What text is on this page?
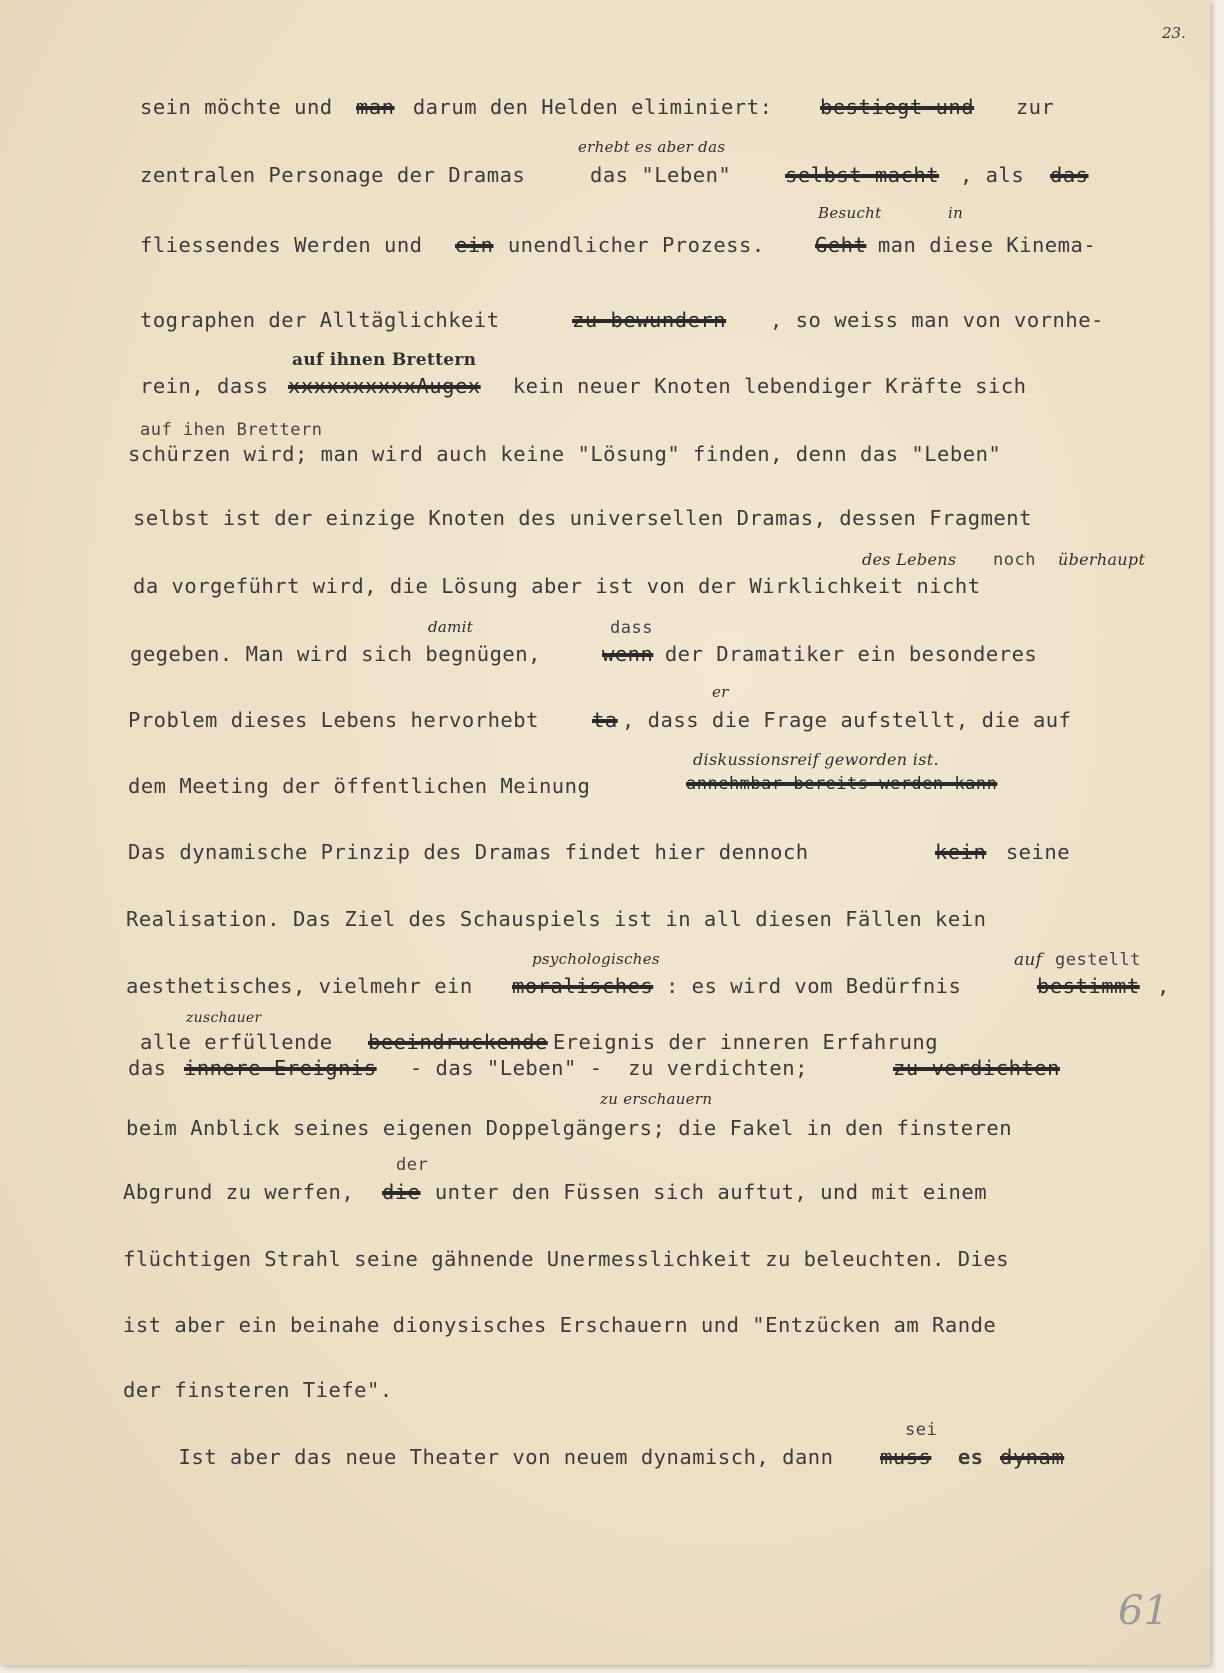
23.

sein möchte und

man

darum den Helden eliminiert:

bestiegt und

zur

erhebt es aber das

zentralen Personage der Dramas

	das "Leben"

selbst macht

, als

das

Besucht

	in

fliessendes Werden und

ein

unendlicher Prozess.

Geht

man diese Kinema-

tographen der Alltäglichkeit

	zu bewundern

, so weiss man von vornhe-

auf ihnen Brettern

rein, dass

xxxxxxxxxxAugex

kein neuer Knoten lebendiger Kräfte sich

auf ihen Brettern

schürzen wird; man wird auch keine "Lösung" finden, denn das "Leben"

selbst ist der einzige Knoten des universellen Dramas, dessen Fragment

des Lebens

noch

überhaupt

da vorgeführt wird, die Lösung aber ist von der Wirklichkeit nicht

damit

	dass

gegeben. Man wird sich begnügen,

wenn

der Dramatiker ein besonderes

er

Problem dieses Lebens hervorhebt

	ta

, dass die Frage aufstellt, die auf

diskussionsreif geworden ist.

dem Meeting der öffentlichen Meinung

	annehmbar bereits werden kann

Das dynamische Prinzip des Dramas findet hier dennoch

	kein

seine

Realisation. Das Ziel des Schauspiels ist in all diesen Fällen kein

psychologisches

	auf

gestellt

aesthetisches, vielmehr ein

moralisches

: es wird vom Bedürfnis

	bestimmt

,

zuschauer

alle erfüllende

beeindruckende

Ereignis der inneren Erfahrung

das

innere Ereignis

- das "Leben" -  zu verdichten;

	zu verdichten

zu erschauern

beim Anblick seines eigenen Doppelgängers; die Fakel in den finsteren

der

Abgrund zu werfen,

die

unter den Füssen sich auftut, und mit einem

flüchtigen Strahl seine gähnende Unermesslichkeit zu beleuchten. Dies

ist aber ein beinahe dionysisches Erschauern und "Entzücken am Rande

der finsteren Tiefe".

sei

Ist aber das neue Theater von neuem dynamisch, dann

muss

es

dynam

61
